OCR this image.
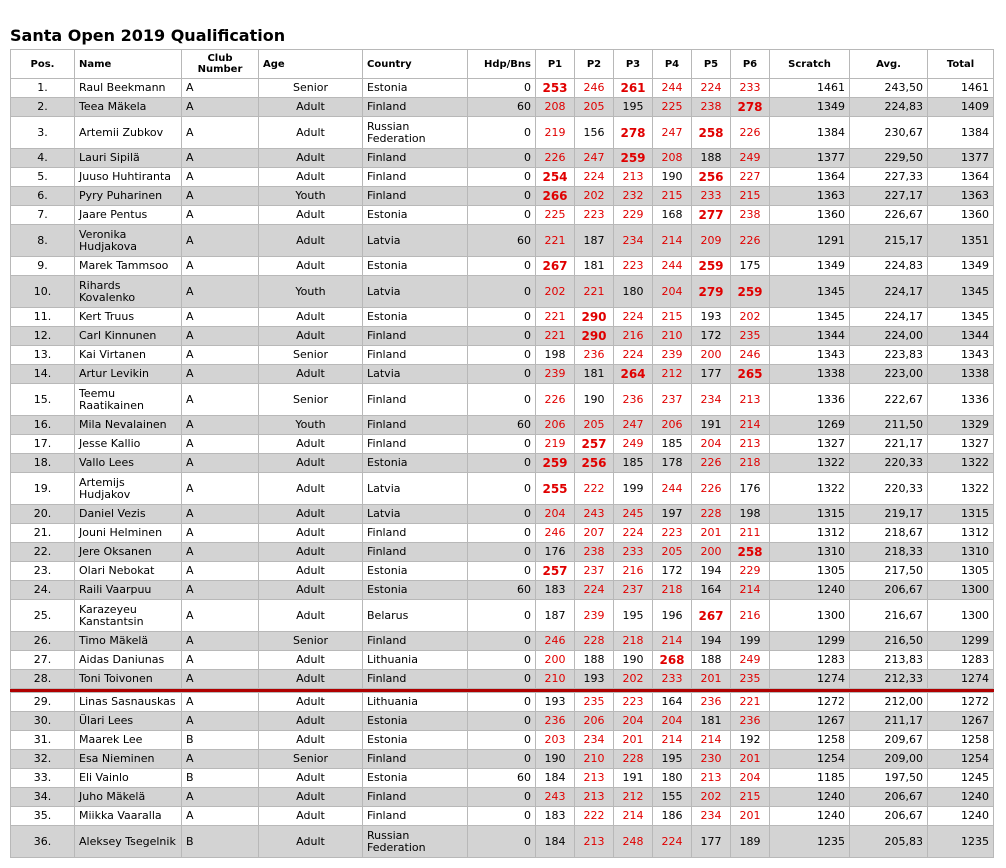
Santa Open 2019 Qualification
Pos.	Name	Club Number	Age	Country	Hdp/Bns	P1	P2	P3	P4	P5	P6	Scratch	Avg.	Total
1.	Raul Beekmann	A	Senior	Estonia	0	253	246	261	244	224	233	1461	243,50	1461
2.	Teea Mäkela	A	Adult	Finland	60	208	205	195	225	238	278	1349	224,83	1409
3.	Artemii Zubkov	A	Adult	Russian Federation	0	219	156	278	247	258	226	1384	230,67	1384
4.	Lauri Sipilä	A	Adult	Finland	0	226	247	259	208	188	249	1377	229,50	1377
5.	Juuso Huhtiranta	A	Adult	Finland	0	254	224	213	190	256	227	1364	227,33	1364
6.	Pyry Puharinen	A	Youth	Finland	0	266	202	232	215	233	215	1363	227,17	1363
7.	Jaare Pentus	A	Adult	Estonia	0	225	223	229	168	277	238	1360	226,67	1360
8.	Veronika Hudjakova	A	Adult	Latvia	60	221	187	234	214	209	226	1291	215,17	1351
9.	Marek Tammsoo	A	Adult	Estonia	0	267	181	223	244	259	175	1349	224,83	1349
10.	Rihards Kovalenko	A	Youth	Latvia	0	202	221	180	204	279	259	1345	224,17	1345
11.	Kert Truus	A	Adult	Estonia	0	221	290	224	215	193	202	1345	224,17	1345
12.	Carl Kinnunen	A	Adult	Finland	0	221	290	216	210	172	235	1344	224,00	1344
13.	Kai Virtanen	A	Senior	Finland	0	198	236	224	239	200	246	1343	223,83	1343
14.	Artur Levikin	A	Adult	Latvia	0	239	181	264	212	177	265	1338	223,00	1338
15.	Teemu Raatikainen	A	Senior	Finland	0	226	190	236	237	234	213	1336	222,67	1336
16.	Mila Nevalainen	A	Youth	Finland	60	206	205	247	206	191	214	1269	211,50	1329
17.	Jesse Kallio	A	Adult	Finland	0	219	257	249	185	204	213	1327	221,17	1327
18.	Vallo Lees	A	Adult	Estonia	0	259	256	185	178	226	218	1322	220,33	1322
19.	Artemijs Hudjakov	A	Adult	Latvia	0	255	222	199	244	226	176	1322	220,33	1322
20.	Daniel Vezis	A	Adult	Latvia	0	204	243	245	197	228	198	1315	219,17	1315
21.	Jouni Helminen	A	Adult	Finland	0	246	207	224	223	201	211	1312	218,67	1312
22.	Jere Oksanen	A	Adult	Finland	0	176	238	233	205	200	258	1310	218,33	1310
23.	Olari Nebokat	A	Adult	Estonia	0	257	237	216	172	194	229	1305	217,50	1305
24.	Raili Vaarpuu	A	Adult	Estonia	60	183	224	237	218	164	214	1240	206,67	1300
25.	Karazeyeu Kanstantsin	A	Adult	Belarus	0	187	239	195	196	267	216	1300	216,67	1300
26.	Timo Mäkelä	A	Senior	Finland	0	246	228	218	214	194	199	1299	216,50	1299
27.	Aidas Daniunas	A	Adult	Lithuania	0	200	188	190	268	188	249	1283	213,83	1283
28.	Toni Toivonen	A	Adult	Finland	0	210	193	202	233	201	235	1274	212,33	1274

29.	Linas Sasnauskas	A	Adult	Lithuania	0	193	235	223	164	236	221	1272	212,00	1272
30.	Ülari Lees	A	Adult	Estonia	0	236	206	204	204	181	236	1267	211,17	1267
31.	Maarek Lee	B	Adult	Estonia	0	203	234	201	214	214	192	1258	209,67	1258
32.	Esa Nieminen	A	Senior	Finland	0	190	210	228	195	230	201	1254	209,00	1254
33.	Eli Vainlo	B	Adult	Estonia	60	184	213	191	180	213	204	1185	197,50	1245
34.	Juho Mäkelä	A	Adult	Finland	0	243	213	212	155	202	215	1240	206,67	1240
35.	Miikka Vaaralla	A	Adult	Finland	0	183	222	214	186	234	201	1240	206,67	1240
36.	Aleksey Tsegelnik	B	Adult	Russian Federation	0	184	213	248	224	177	189	1235	205,83	1235
